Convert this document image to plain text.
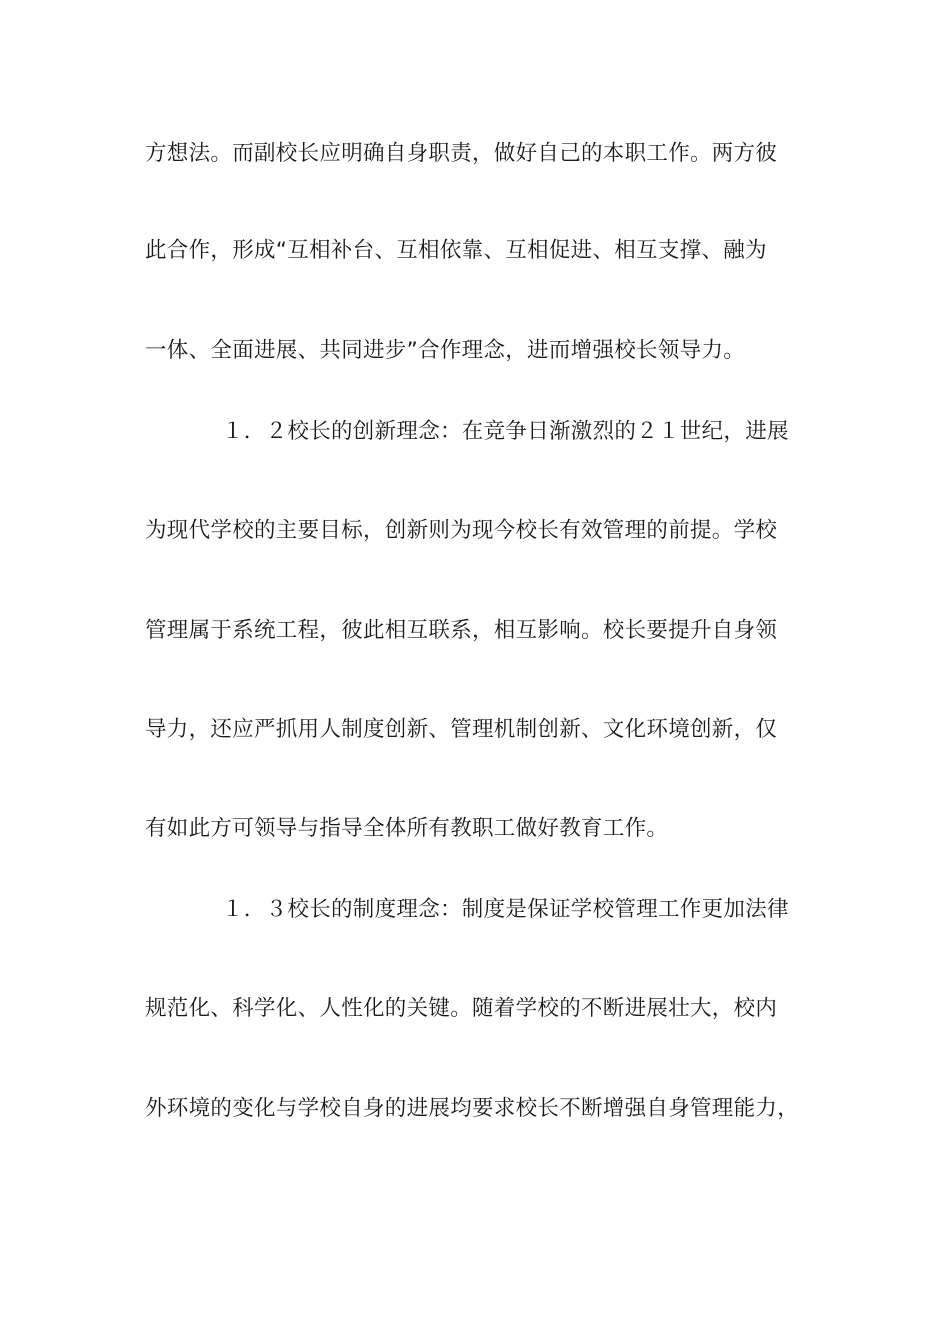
方想法。而副校长应明确自身职责，做好自己的本职工作。两方彼
此合作，形成“互相补台、互相依靠、互相促进、相互支撑、融为
一体、全面进展、共同进步”合作理念，进而增强校长领导力。
１．２校长的创新理念：在竞争日渐激烈的２１世纪，进展
为现代学校的主要目标，创新则为现今校长有效管理的前提。学校
管理属于系统工程，彼此相互联系，相互影响。校长要提升自身领
导力，还应严抓用人制度创新、管理机制创新、文化环境创新，仅
有如此方可领导与指导全体所有教职工做好教育工作。
１．３校长的制度理念：制度是保证学校管理工作更加法律
规范化、科学化、人性化的关键。随着学校的不断进展壮大，校内
外环境的变化与学校自身的进展均要求校长不断增强自身管理能力，
